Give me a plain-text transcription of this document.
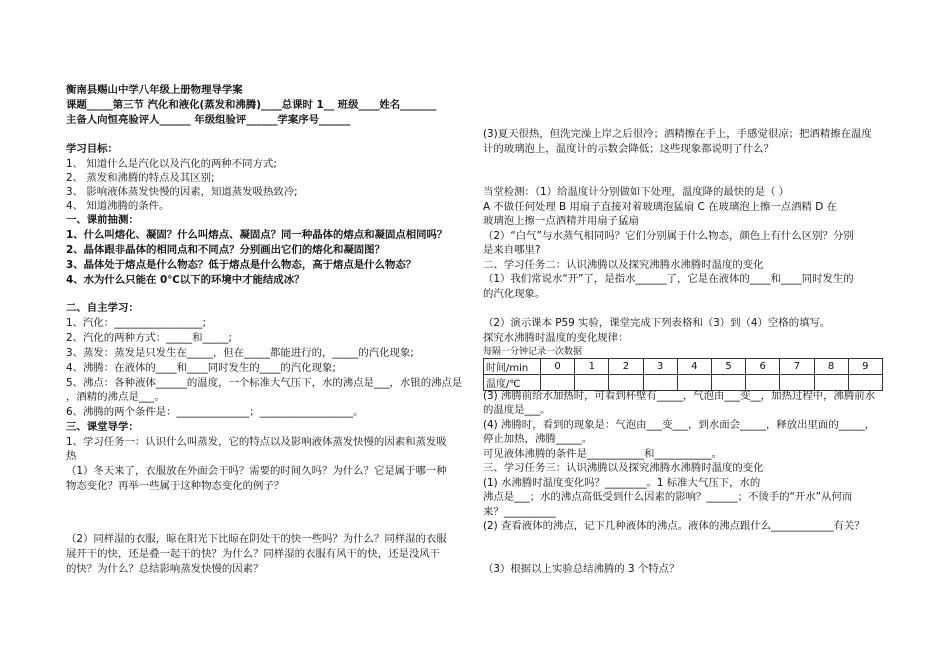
衡南县赐山中学八年级上册物理导学案
课题_____第三节 汽化和液化(蒸发和沸腾)____总课时 1__ 班级____姓名_______
主备人向恒亮验评人______ 年级组验评______学案序号______
学习目标：
1、 知道什么是汽化以及汽化的两种不同方式;
2、 蒸发和沸腾的特点及其区别;
3、 影响液体蒸发快慢的因素，知道蒸发吸热致冷;
4、 知道沸腾的条件。
一、课前抽测：
1、什么叫熔化、凝固？什么叫熔点、凝固点？同一种晶体的熔点和凝固点相同吗？
2、晶体跟非晶体的相同点和不同点？分别画出它们的熔化和凝固图？
3、晶体处于熔点是什么物态？低于熔点是什么物态，高于熔点是什么物态？
4、水为什么只能在 0℃以下的环境中才能结成冰？
二、自主学习：
1、汽化：_________________;
2、汽化的两种方式：_____和_____;
3、蒸发：蒸发是只发生在_____，但在_____都能进行的，_____的汽化现象;
4、沸腾：在液体的____和____同时发生的____的汽化现象;
5、沸点：各种液体______的温度，一个标准大气压下，水的沸点是___，水银的沸点是
，酒精的沸点是___。
6、沸腾的两个条件是：______________；__________________。
三、课堂导学：
1、学习任务一：认识什么叫蒸发，它的特点以及影响液体蒸发快慢的因素和蒸发吸
热
（1）冬天来了，衣服放在外面会干吗？需要的时间久吗？为什么？它是属于哪一种
物态变化？再举一些属于这种物态变化的例子？
（2）同样湿的衣服，晾在阳光下比晾在阴处干的快一些吗？为什么？同样湿的衣服
展开干的快，还是叠一起干的快？为什么？同样湿的衣服有风干的快，还是没风干
的快？为什么？总结影响蒸发快慢的因素？
(3)夏天很热，但洗完澡上岸之后很冷；酒精擦在手上，手感觉很凉；把酒精擦在温度
计的玻璃泡上，温度计的示数会降低；这些现象都说明了什么？
当堂检测：（1）给温度计分别做如下处理，温度降的最快的是（ ）
A 不做任何处理 B 用扇子直接对着玻璃泡猛扇 C 在玻璃泡上擦一点酒精 D 在
玻璃泡上擦一点酒精并用扇子猛扇
（2）“白气”与水蒸气相同吗？它们分别属于什么物态，颜色上有什么区别？分别
是来自哪里?
二、学习任务二：认识沸腾以及探究沸腾水沸腾时温度的变化
（1）我们常说水“开”了，是指水______了，它是在液体的____和____同时发生的
的汽化现象。
（2）演示课本 P59 实验，课堂完成下列表格和（3）到（4）空格的填写。
探究水沸腾时温度的变化规律：
每隔一分钟记录一次数据
时间/min	0	1	2	3	4	5	6	7	8	9
温度/℃										
(3) 沸腾前给水加热时，可看到杯壁有_____，气泡由___变__，加热过程中，沸腾前水
的温度是___。
(4) 沸腾时，看到的现象是：气泡由___变___，到水面会_____，释放出里面的_____，
停止加热，沸腾_____。
可见液体沸腾的条件是___________和___________。
三、学习任务三：认识沸腾以及探究沸腾水沸腾时温度的变化
(1) 水沸腾时温度变化吗？________。1 标准大气压下，水的
沸点是___；水的沸点高低受到什么因素的影响？______；不烫手的“开水”从何而
来？__________
(2) 查看液体的沸点，记下几种液体的沸点。液体的沸点跟什么____________有关？
（3）根据以上实验总结沸腾的 3 个特点？
